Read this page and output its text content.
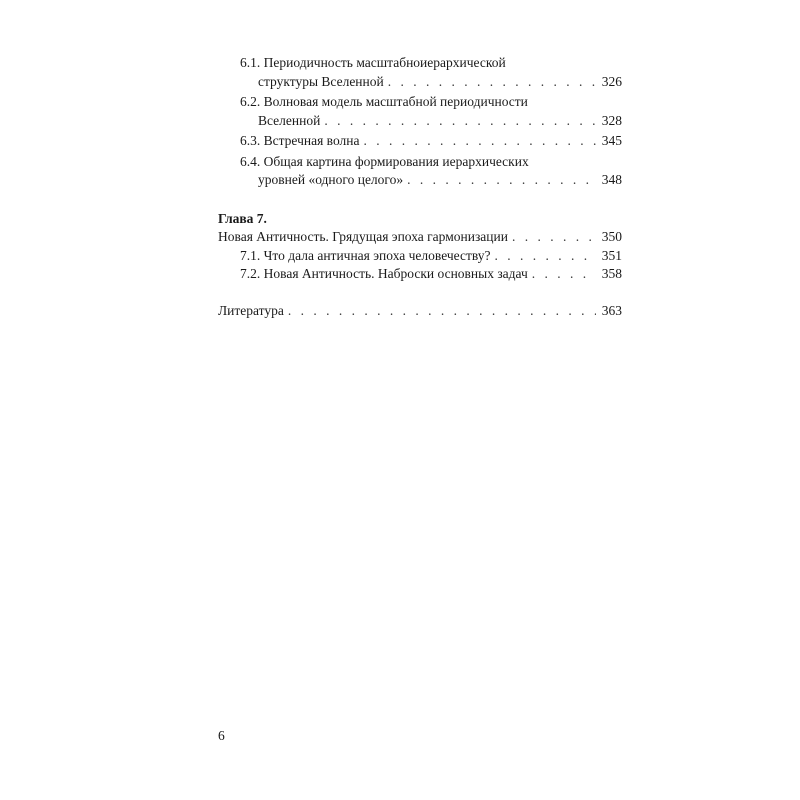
6.1. Периодичность масштабноиерархической
структуры Вселенной . . .	326
6.2. Волновая модель масштабной периодичности
Вселенной . . .	328
6.3. Встречная волна . . .	345
6.4. Общая картина формирования иерархических
уровней «одного целого» . . .	348
Глава 7.
Новая Античность. Грядущая эпоха гармонизации . . .	350
7.1. Что дала античная эпоха человечеству? . . .	351
7.2. Новая Античность. Наброски основных задач . . .	358
Литература . . .	363
6
